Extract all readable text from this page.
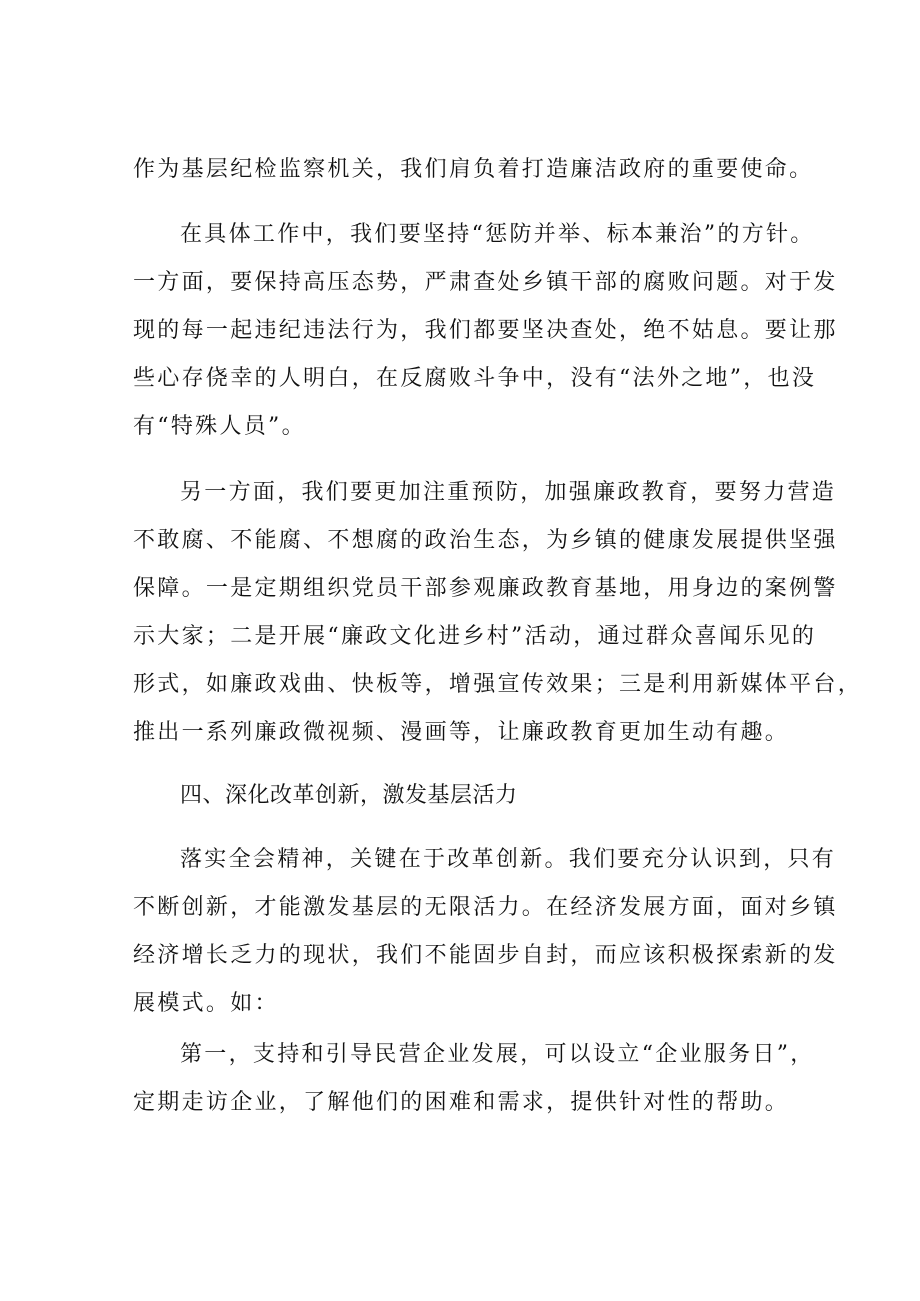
作为基层纪检监察机关，我们肩负着打造廉洁政府的重要使命。
在具体工作中，我们要坚持“惩防并举、标本兼治”的方针。
一方面，要保持高压态势，严肃查处乡镇干部的腐败问题。对于发
现的每一起违纪违法行为，我们都要坚决查处，绝不姑息。要让那
些心存侥幸的人明白，在反腐败斗争中，没有“法外之地”，也没
有“特殊人员”。
另一方面，我们要更加注重预防，加强廉政教育，要努力营造
不敢腐、不能腐、不想腐的政治生态，为乡镇的健康发展提供坚强
保障。一是定期组织党员干部参观廉政教育基地，用身边的案例警
示大家；二是开展“廉政文化进乡村”活动，通过群众喜闻乐见的
形式，如廉政戏曲、快板等，增强宣传效果；三是利用新媒体平台，
推出一系列廉政微视频、漫画等，让廉政教育更加生动有趣。
四、深化改革创新，激发基层活力
落实全会精神，关键在于改革创新。我们要充分认识到，只有
不断创新，才能激发基层的无限活力。在经济发展方面，面对乡镇
经济增长乏力的现状，我们不能固步自封，而应该积极探索新的发
展模式。如：
第一，支持和引导民营企业发展，可以设立“企业服务日”，
定期走访企业，了解他们的困难和需求，提供针对性的帮助。
